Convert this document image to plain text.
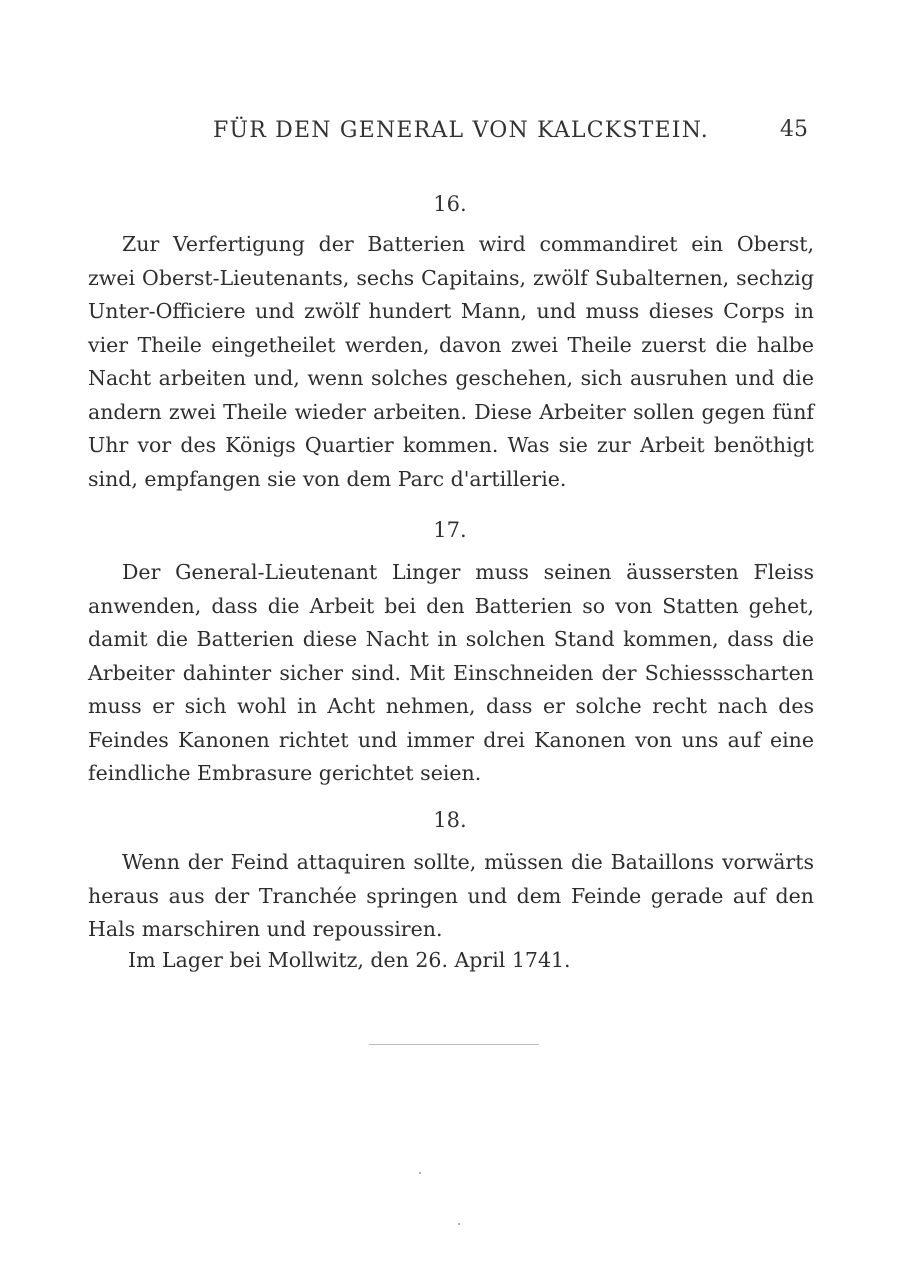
FÜR DEN GENERAL VON KALCKSTEIN.	45
16.
Zur Verfertigung der Batterien wird commandiret ein Oberst, zwei Oberst-Lieutenants, sechs Capitains, zwölf Subalternen, sechzig Unter-Officiere und zwölf hundert Mann, und muss dieses Corps in vier Theile eingetheilet werden, davon zwei Theile zuerst die halbe Nacht arbeiten und, wenn solches geschehen, sich ausruhen und die andern zwei Theile wieder arbeiten. Diese Arbeiter sollen gegen fünf Uhr vor des Königs Quartier kommen. Was sie zur Arbeit benöthigt sind, empfangen sie von dem Parc d'artillerie.
17.
Der General-Lieutenant Linger muss seinen äussersten Fleiss anwenden, dass die Arbeit bei den Batterien so von Statten gehet, damit die Batterien diese Nacht in solchen Stand kommen, dass die Arbeiter dahinter sicher sind. Mit Einschneiden der Schiessscharten muss er sich wohl in Acht nehmen, dass er solche recht nach des Feindes Kanonen richtet und immer drei Kanonen von uns auf eine feindliche Embrasure gerichtet seien.
18.
Wenn der Feind attaquiren sollte, müssen die Bataillons vorwärts heraus aus der Tranchée springen und dem Feinde gerade auf den Hals marschiren und repoussiren.
Im Lager bei Mollwitz, den 26. April 1741.
